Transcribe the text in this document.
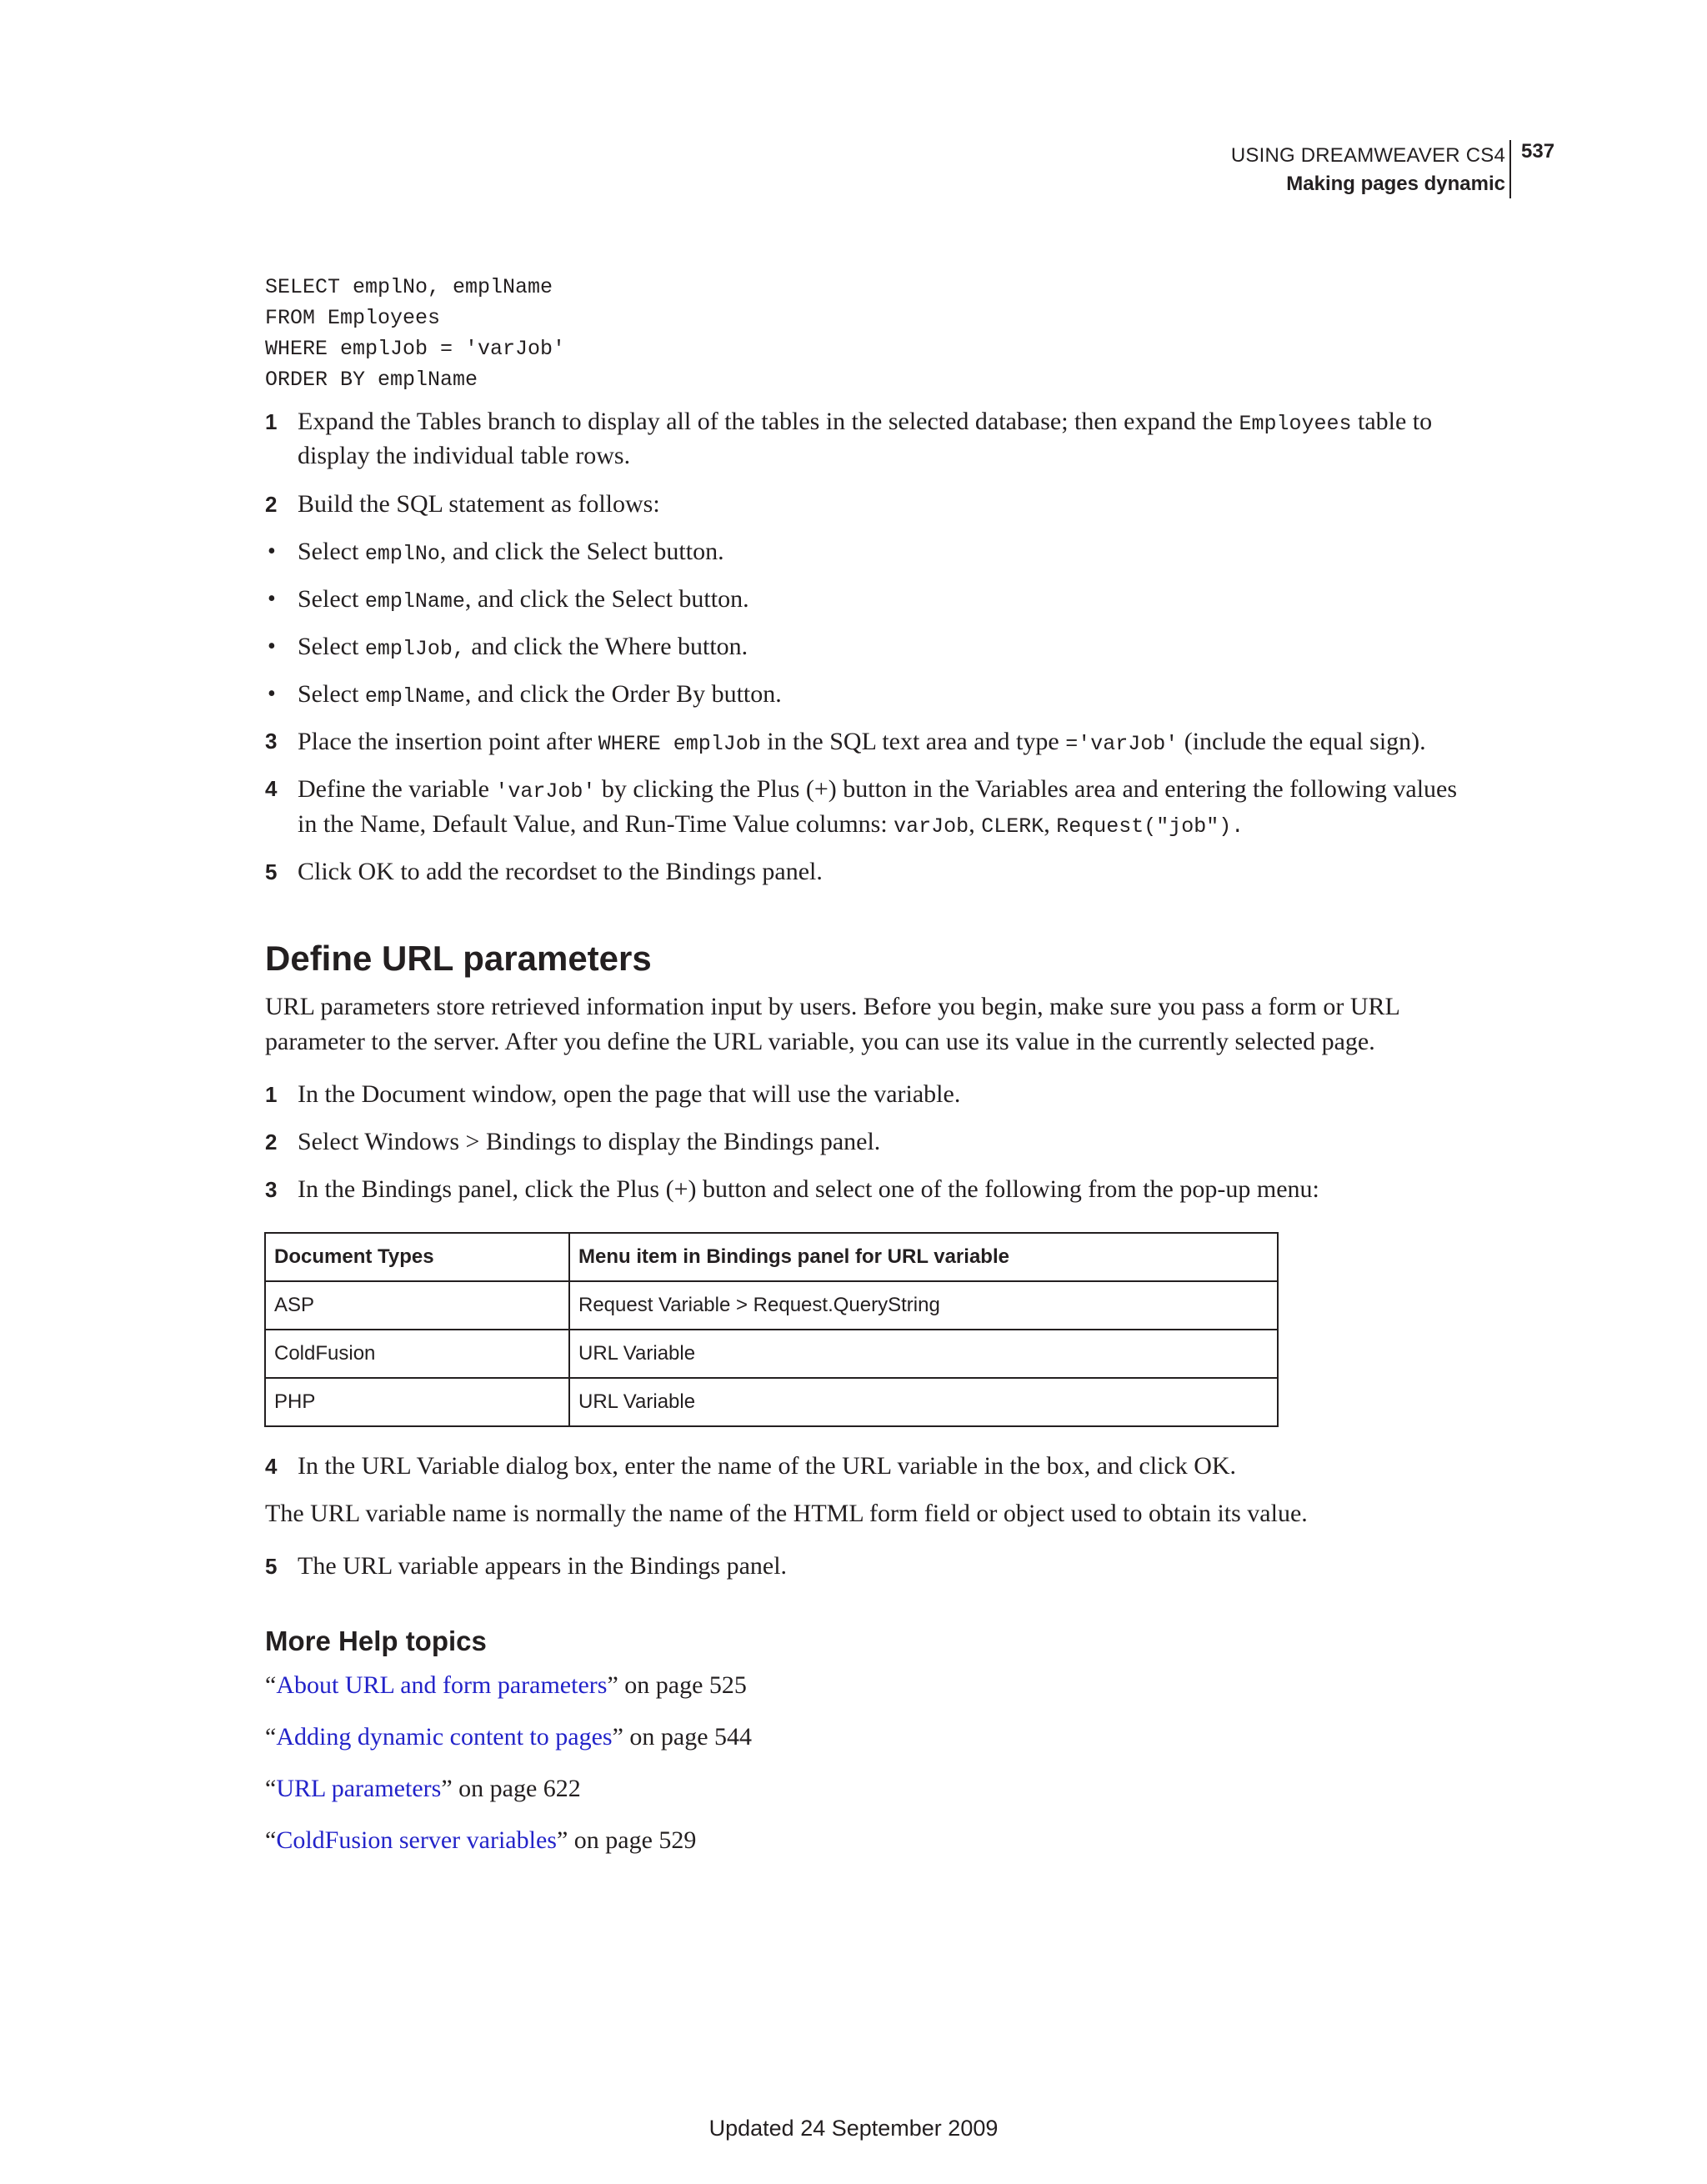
USING DREAMWEAVER CS4
Making pages dynamic
537
SELECT emplNo, emplName
FROM Employees
WHERE emplJob = 'varJob'
ORDER BY emplName
1 Expand the Tables branch to display all of the tables in the selected database; then expand the Employees table to
display the individual table rows.
2 Build the SQL statement as follows:
• Select emplNo, and click the Select button.
• Select emplName, and click the Select button.
• Select emplJob, and click the Where button.
• Select emplName, and click the Order By button.
3 Place the insertion point after WHERE emplJob in the SQL text area and type ='varJob' (include the equal sign).
4 Define the variable 'varJob' by clicking the Plus (+) button in the Variables area and entering the following values
in the Name, Default Value, and Run-Time Value columns: varJob, CLERK, Request("job").
5 Click OK to add the recordset to the Bindings panel.
Define URL parameters
URL parameters store retrieved information input by users. Before you begin, make sure you pass a form or URL
parameter to the server. After you define the URL variable, you can use its value in the currently selected page.
1 In the Document window, open the page that will use the variable.
2 Select Windows > Bindings to display the Bindings panel.
3 In the Bindings panel, click the Plus (+) button and select one of the following from the pop-up menu:
Document Types	Menu item in Bindings panel for URL variable
ASP	Request Variable > Request.QueryString
ColdFusion	URL Variable
PHP	URL Variable
4 In the URL Variable dialog box, enter the name of the URL variable in the box, and click OK.
The URL variable name is normally the name of the HTML form field or object used to obtain its value.
5 The URL variable appears in the Bindings panel.
More Help topics
“About URL and form parameters” on page 525
“Adding dynamic content to pages” on page 544
“URL parameters” on page 622
“ColdFusion server variables” on page 529
Updated 24 September 2009
